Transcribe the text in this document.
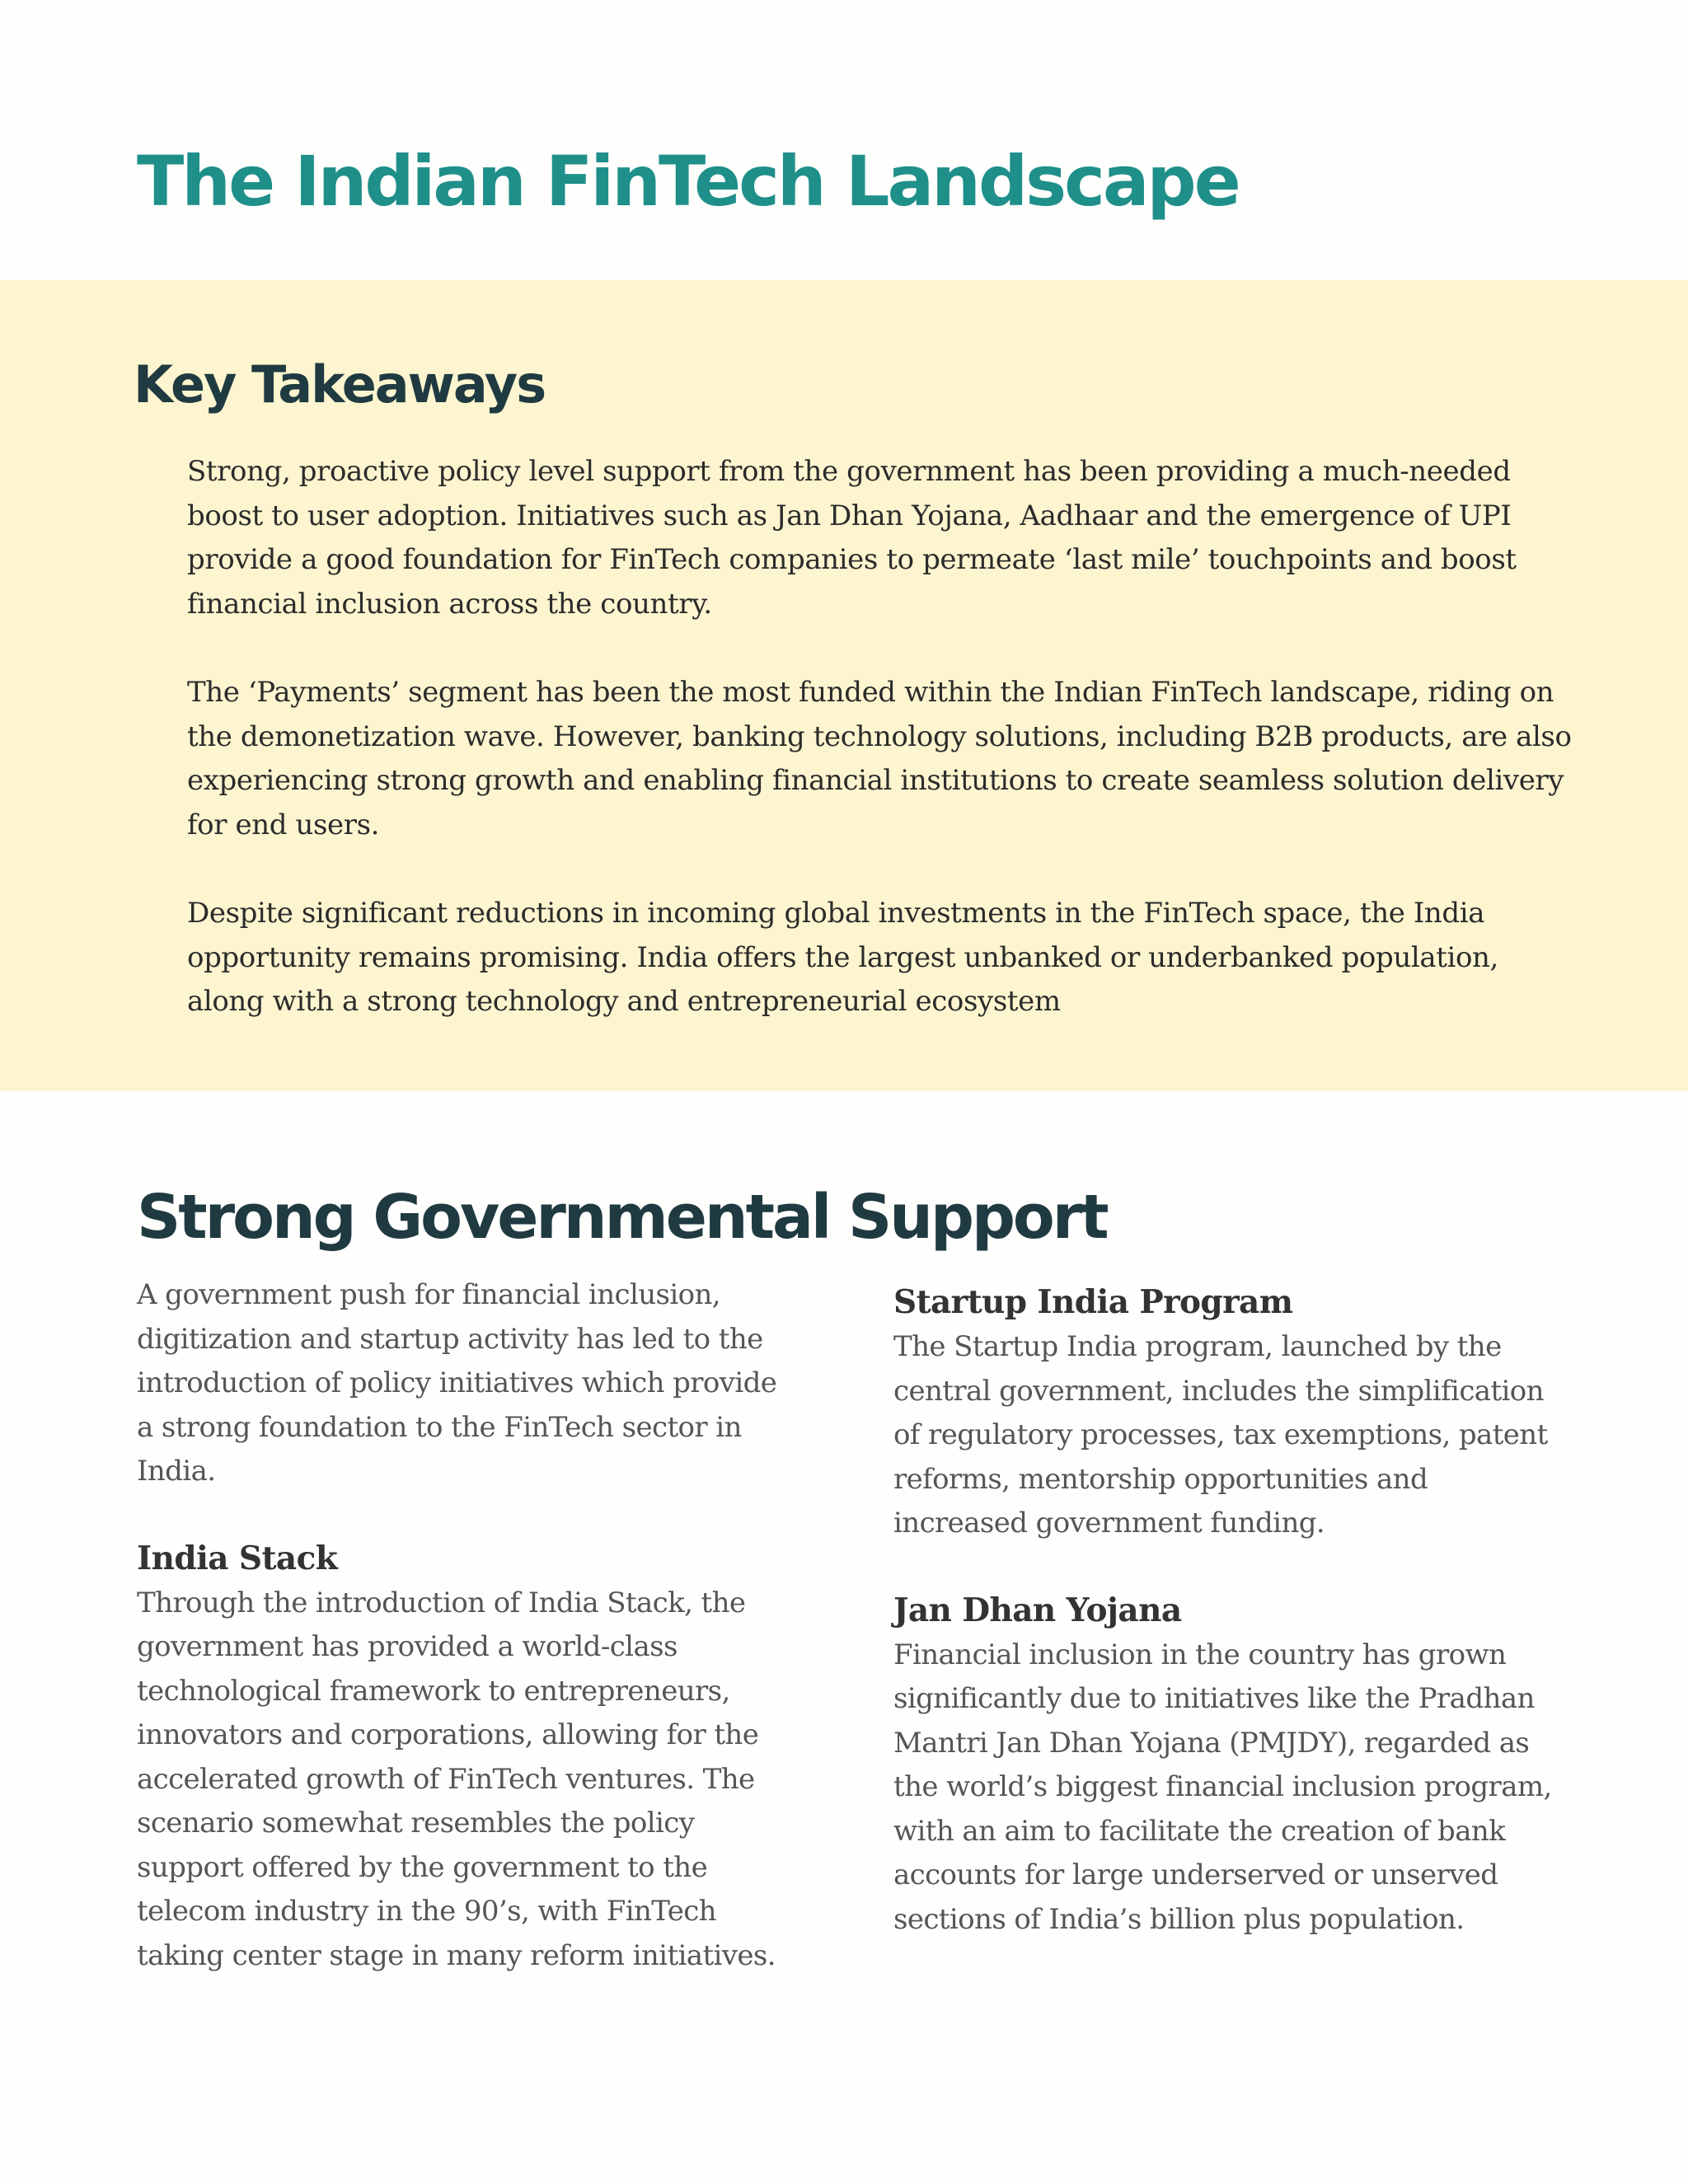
The Indian FinTech Landscape
Key Takeaways

Strong, proactive policy level support from the government has been providing a much-needed boost to user adoption. Initiatives such as Jan Dhan Yojana, Aadhaar and the emergence of UPI provide a good foundation for FinTech companies to permeate ‘last mile’ touchpoints and boost financial inclusion across the country.

The ‘Payments’ segment has been the most funded within the Indian FinTech landscape, riding on the demonetization wave. However, banking technology solutions, including B2B products, are also experiencing strong growth and enabling financial institutions to create seamless solution delivery for end users.

Despite significant reductions in incoming global investments in the FinTech space, the India opportunity remains promising. India offers the largest unbanked or underbanked population, along with a strong technology and entrepreneurial ecosystem

Strong Governmental Support

A government push for financial inclusion, digitization and startup activity has led to the introduction of policy initiatives which provide a strong foundation to the FinTech sector in India.

India Stack

Through the introduction of India Stack, the government has provided a world-class technological framework to entrepreneurs, innovators and corporations, allowing for the accelerated growth of FinTech ventures. The scenario somewhat resembles the policy support offered by the government to the telecom industry in the 90’s, with FinTech taking center stage in many reform initiatives.

Startup India Program

The Startup India program, launched by the central government, includes the simplification of regulatory processes, tax exemptions, patent reforms, mentorship opportunities and increased government funding.

Jan Dhan Yojana

Financial inclusion in the country has grown significantly due to initiatives like the Pradhan Mantri Jan Dhan Yojana (PMJDY), regarded as the world’s biggest financial inclusion program, with an aim to facilitate the creation of bank accounts for large underserved or unserved sections of India’s billion plus population.
